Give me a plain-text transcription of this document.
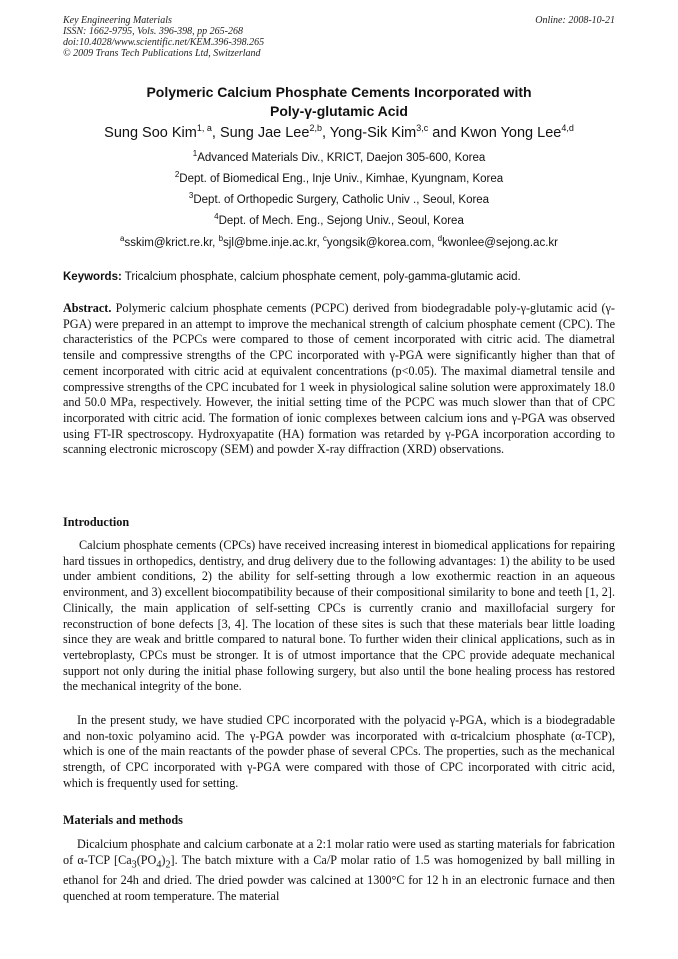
Key Engineering Materials
ISSN: 1662-9795, Vols. 396-398, pp 265-268
doi:10.4028/www.scientific.net/KEM.396-398.265
© 2009 Trans Tech Publications Ltd, Switzerland
Online: 2008-10-21
Polymeric Calcium Phosphate Cements Incorporated with
Poly-γ-glutamic Acid
Sung Soo Kim$^{1, a}$, Sung Jae Lee$^{2,b}$, Yong-Sik Kim$^{3,c}$ and Kwon Yong Lee$^{4,d}$
$^1$Advanced Materials Div., KRICT, Daejon 305-600, Korea
$^2$Dept. of Biomedical Eng., Inje Univ., Kimhae, Kyungnam, Korea
$^3$Dept. of Orthopedic Surgery, Catholic Univ ., Seoul, Korea
$^4$Dept. of Mech. Eng., Sejong Univ., Seoul, Korea
$^a$sskim@krict.re.kr, $^b$sjl@bme.inje.ac.kr, $^c$yongsik@korea.com, $^d$kwonlee@sejong.ac.kr
Keywords: Tricalcium phosphate, calcium phosphate cement, poly-gamma-glutamic acid.
Abstract. Polymeric calcium phosphate cements (PCPC) derived from biodegradable poly-γ-glutamic acid (γ-PGA) were prepared in an attempt to improve the mechanical strength of calcium phosphate cement (CPC). The characteristics of the PCPCs were compared to those of cement incorporated with citric acid. The diametral tensile and compressive strengths of the CPC incorporated with γ-PGA were significantly higher than that of cement incorporated with citric acid at equivalent concentrations (p<0.05). The maximal diametral tensile and compressive strengths of the CPC incubated for 1 week in physiological saline solution were approximately 18.0 and 50.0 MPa, respectively. However, the initial setting time of the PCPC was much slower than that of CPC incorporated with citric acid. The formation of ionic complexes between calcium ions and γ-PGA was observed using FT-IR spectroscopy. Hydroxyapatite (HA) formation was retarded by γ-PGA incorporation according to scanning electronic microscopy (SEM) and powder X-ray diffraction (XRD) observations.
Introduction
Calcium phosphate cements (CPCs) have received increasing interest in biomedical applications for repairing hard tissues in orthopedics, dentistry, and drug delivery due to the following advantages: 1) the ability to be used under ambient conditions, 2) the ability for self-setting through a low exothermic reaction in an aqueous environment, and 3) excellent biocompatibility because of their compositional similarity to bone and teeth [1, 2]. Clinically, the main application of self-setting CPCs is currently cranio and maxillofacial surgery for reconstruction of bone defects [3, 4]. The location of these sites is such that these materials bear little loading since they are weak and brittle compared to natural bone. To further widen their clinical applications, such as in vertebroplasty, CPCs must be stronger. It is of utmost importance that the CPC provide adequate mechanical support not only during the initial phase following surgery, but also until the bone healing process has restored the mechanical integrity of the bone.
In the present study, we have studied CPC incorporated with the polyacid γ-PGA, which is a biodegradable and non-toxic polyamino acid. The γ-PGA powder was incorporated with α-tricalcium phosphate (α-TCP), which is one of the main reactants of the powder phase of several CPCs. The properties, such as the mechanical strength, of CPC incorporated with γ-PGA were compared with those of CPC incorporated with citric acid, which is frequently used for setting.
Materials and methods
Dicalcium phosphate and calcium carbonate at a 2:1 molar ratio were used as starting materials for fabrication of α-TCP $[Ca_3(PO_4)_2]$. The batch mixture with a Ca/P molar ratio of 1.5 was homogenized by ball milling in ethanol for 24h and dried. The dried powder was calcined at 1300°C for 12 h in an electronic furnace and then quenched at room temperature. The material
